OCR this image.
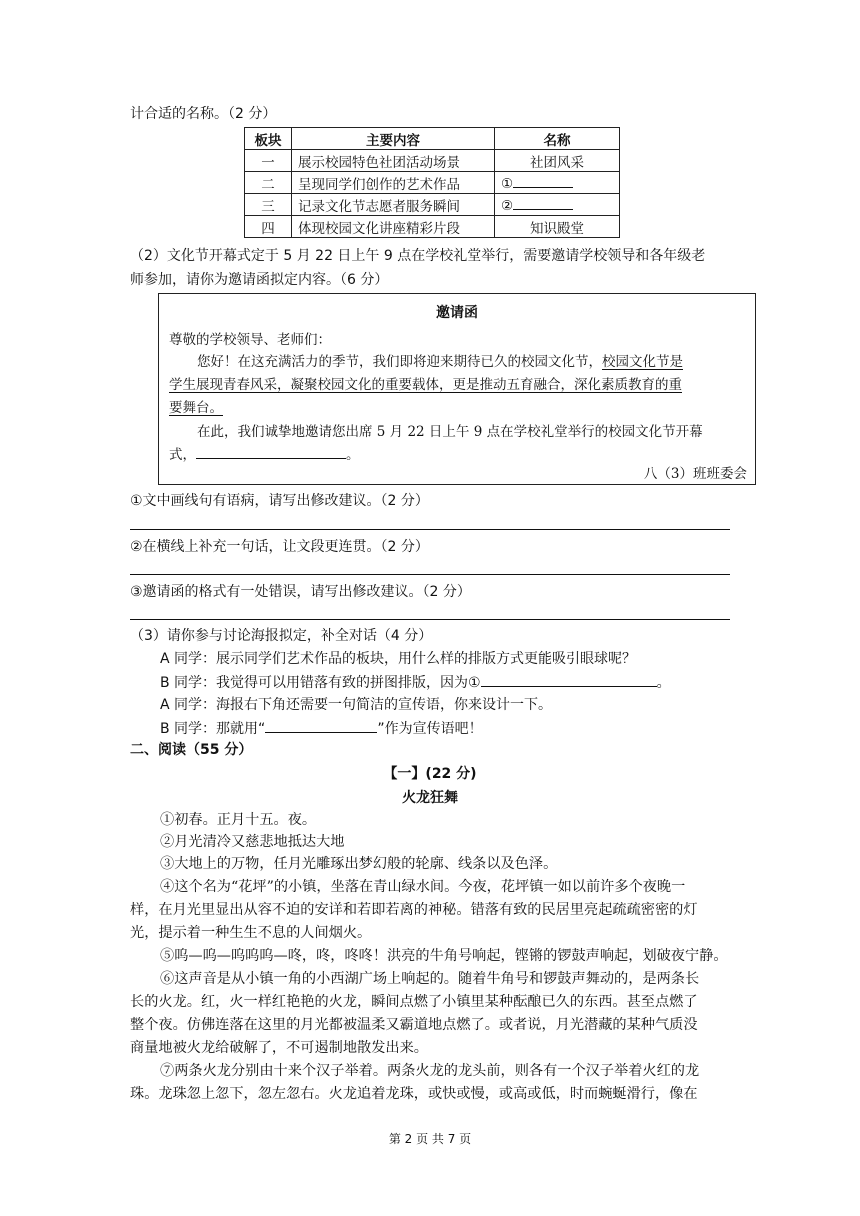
计合适的名称。（2 分）
板块	主要内容	名称
一	展示校园特色社团活动场景	社团风采
二	呈现同学们创作的艺术作品	①
三	记录文化节志愿者服务瞬间	②
四	体现校园文化讲座精彩片段	知识殿堂
（2）文化节开幕式定于 5 月 22 日上午 9 点在学校礼堂举行，需要邀请学校领导和各年级老
师参加，请你为邀请函拟定内容。（6 分）
邀请函
尊敬的学校领导、老师们：
您好！在这充满活力的季节，我们即将迎来期待已久的校园文化节，校园文化节是
学生展现青春风采，凝聚校园文化的重要载体，更是推动五育融合，深化素质教育的重
要舞台。
在此，我们诚挚地邀请您出席 5 月 22 日上午 9 点在学校礼堂举行的校园文化节开幕
式，	。
八（3）班班委会
①文中画线句有语病，请写出修改建议。（2 分）
②在横线上补充一句话，让文段更连贯。（2 分）
③邀请函的格式有一处错误，请写出修改建议。（2 分）
（3）请你参与讨论海报拟定，补全对话（4 分）
A 同学：展示同学们艺术作品的板块，用什么样的排版方式更能吸引眼球呢？
B 同学：我觉得可以用错落有致的拼图排版，因为①	。
A 同学：海报右下角还需要一句简洁的宣传语，你来设计一下。
B 同学：那就用“	”作为宣传语吧！
二、阅读（55 分）
【一】(22 分)
火龙狂舞
①初春。正月十五。夜。
②月光清冷又慈悲地抵达大地
③大地上的万物，任月光雕琢出梦幻般的轮廓、线条以及色泽。
④这个名为“花坪”的小镇，坐落在青山绿水间。今夜，花坪镇一如以前许多个夜晚一
样，在月光里显出从容不迫的安详和若即若离的神秘。错落有致的民居里亮起疏疏密密的灯
光，提示着一种生生不息的人间烟火。
⑤呜—呜—呜呜呜—咚，咚，咚咚！洪亮的牛角号响起，铿锵的锣鼓声响起，划破夜宁静。
⑥这声音是从小镇一角的小西湖广场上响起的。随着牛角号和锣鼓声舞动的，是两条长
长的火龙。红，火一样红艳艳的火龙，瞬间点燃了小镇里某种酝酿已久的东西。甚至点燃了
整个夜。仿佛连落在这里的月光都被温柔又霸道地点燃了。或者说，月光潜藏的某种气质没
商量地被火龙给破解了，不可遏制地散发出来。
⑦两条火龙分别由十来个汉子举着。两条火龙的龙头前，则各有一个汉子举着火红的龙
珠。龙珠忽上忽下，忽左忽右。火龙追着龙珠，或快或慢，或高或低，时而蜿蜒滑行，像在
第 2 页 共 7 页
